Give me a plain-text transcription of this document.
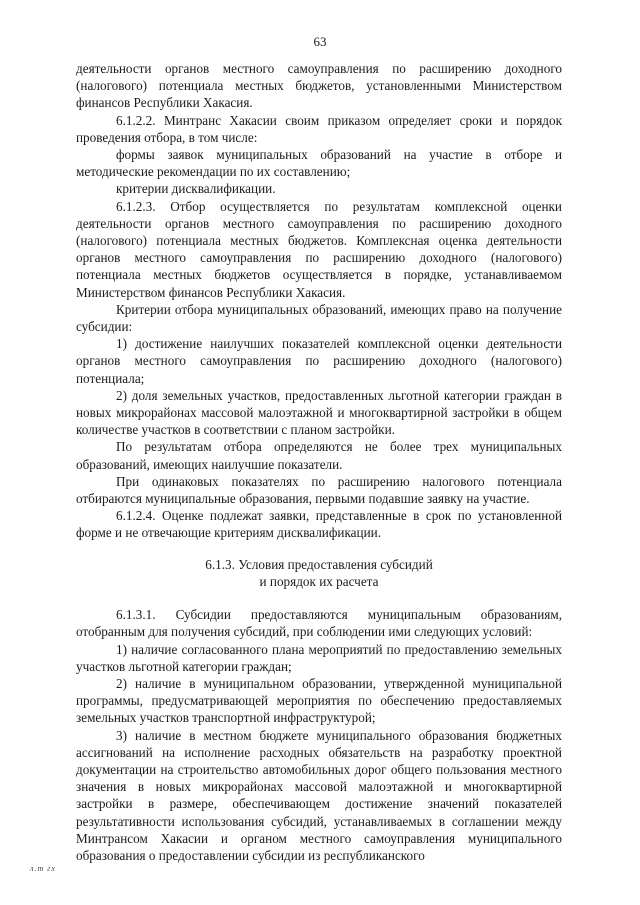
63

деятельности органов местного самоуправления по расширению доходного (налогового) потенциала местных бюджетов, установленными Министерством финансов Республики Хакасия.

6.1.2.2. Минтранс Хакасии своим приказом определяет сроки и порядок проведения отбора, в том числе:

формы заявок муниципальных образований на участие в отборе и методические рекомендации по их составлению;

критерии дисквалификации.

6.1.2.3. Отбор осуществляется по результатам комплексной оценки деятельности органов местного самоуправления по расширению доходного (налогового) потенциала местных бюджетов. Комплексная оценка деятельности органов местного самоуправления по расширению доходного (налогового) потенциала местных бюджетов осуществляется в порядке, устанавливаемом Министерством финансов Республики Хакасия.

Критерии отбора муниципальных образований, имеющих право на получение субсидии:

1) достижение наилучших показателей комплексной оценки деятельности органов местного самоуправления по расширению доходного (налогового) потенциала;

2) доля земельных участков, предоставленных льготной категории граждан в новых микрорайонах массовой малоэтажной и многоквартирной застройки в общем количестве участков в соответствии с планом застройки.

По результатам отбора определяются не более трех муниципальных образований, имеющих наилучшие показатели.

При одинаковых показателях по расширению налогового потенциала отбираются муниципальные образования, первыми подавшие заявку на участие.

6.1.2.4. Оценке подлежат заявки, представленные в срок по установленной форме и не отвечающие критериям дисквалификации.

6.1.3. Условия предоставления субсидий
и порядок их расчета

6.1.3.1. Субсидии предоставляются муниципальным образованиям, отобранным для получения субсидий, при соблюдении ими следующих условий:

1) наличие согласованного плана мероприятий по предоставлению земельных участков льготной категории граждан;

2) наличие в муниципальном образовании, утвержденной муниципальной программы, предусматривающей мероприятия по обеспечению предоставляемых земельных участков транспортной инфраструктурой;

3) наличие в местном бюджете муниципального образования бюджетных ассигнований на исполнение расходных обязательств на разработку проектной документации на строительство автомобильных дорог общего пользования местного значения в новых микрорайонах массовой малоэтажной и многоквартирной застройки в размере, обеспечивающем достижение значений показателей результативности использования субсидий, устанавливаемых в соглашении между Минтрансом Хакасии и органом местного самоуправления муниципального образования о предоставлении субсидии из республиканского

л.т гх
